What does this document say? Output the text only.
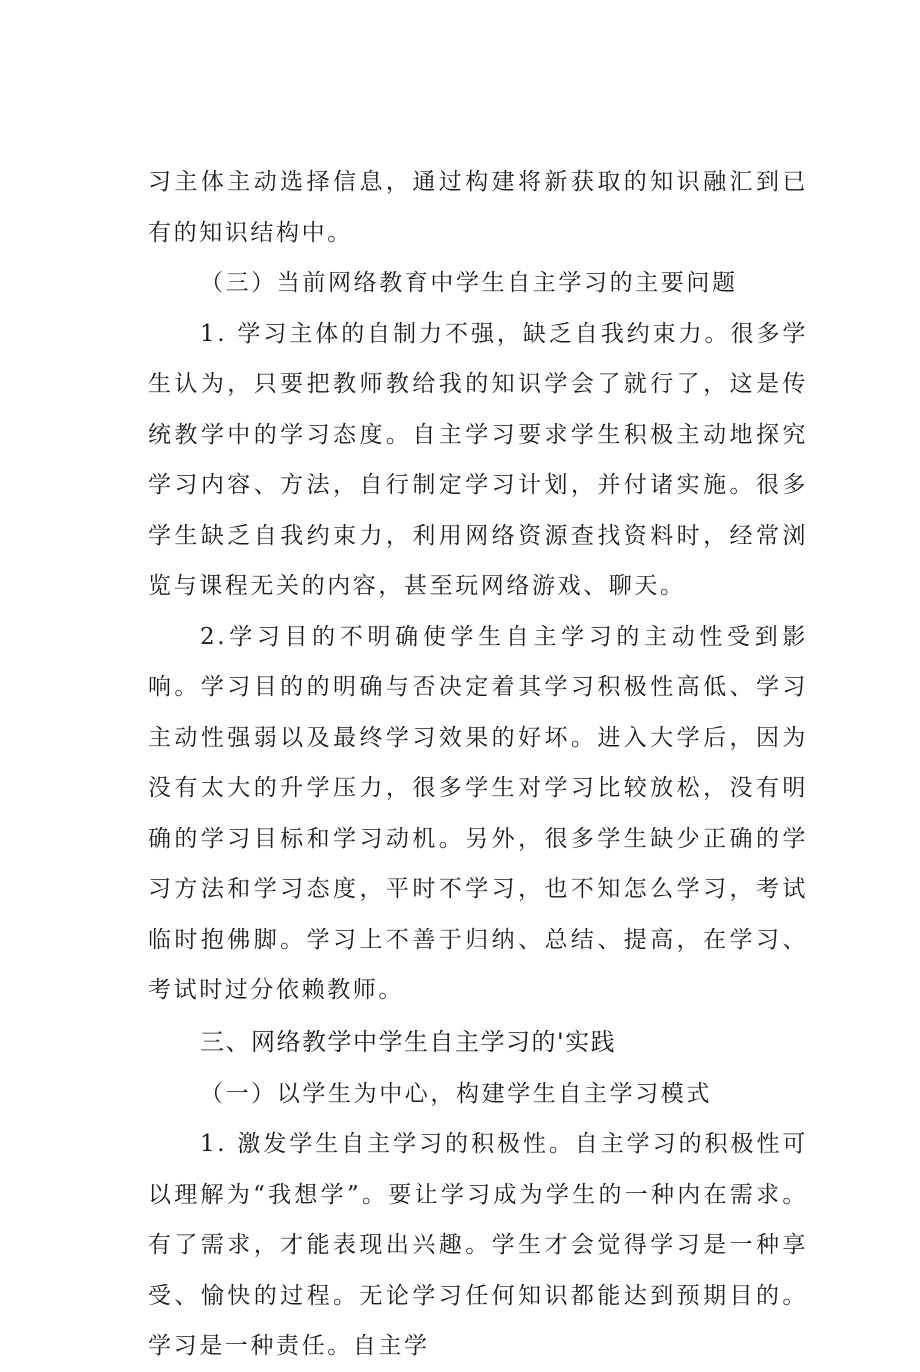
习主体主动选择信息，通过构建将新获取的知识融汇到已有的知识结构中。

（三）当前网络教育中学生自主学习的主要问题

1. 学习主体的自制力不强，缺乏自我约束力。很多学生认为，只要把教师教给我的知识学会了就行了，这是传统教学中的学习态度。自主学习要求学生积极主动地探究学习内容、方法，自行制定学习计划，并付诸实施。很多学生缺乏自我约束力，利用网络资源查找资料时，经常浏览与课程无关的内容，甚至玩网络游戏、聊天。

2.学习目的不明确使学生自主学习的主动性受到影响。学习目的的明确与否决定着其学习积极性高低、学习主动性强弱以及最终学习效果的好坏。进入大学后，因为没有太大的升学压力，很多学生对学习比较放松，没有明确的学习目标和学习动机。另外，很多学生缺少正确的学习方法和学习态度，平时不学习，也不知怎么学习，考试临时抱佛脚。学习上不善于归纳、总结、提高，在学习、考试时过分依赖教师。

三、网络教学中学生自主学习的'实践

（一）以学生为中心，构建学生自主学习模式

1. 激发学生自主学习的积极性。自主学习的积极性可以理解为“我想学”。要让学习成为学生的一种内在需求。有了需求，才能表现出兴趣。学生才会觉得学习是一种享受、愉快的过程。无论学习任何知识都能达到预期目的。学习是一种责任。自主学
